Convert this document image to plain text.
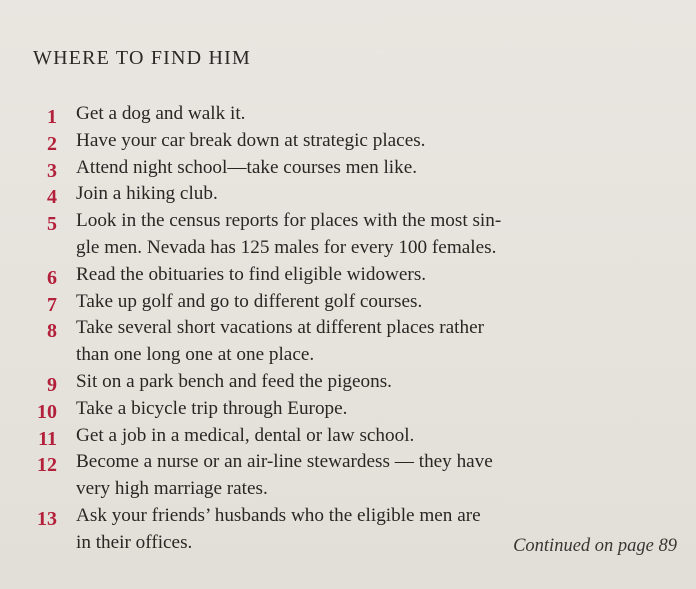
WHERE TO FIND HIM
1 Get a dog and walk it.
2 Have your car break down at strategic places.
3 Attend night school—take courses men like.
4 Join a hiking club.
5 Look in the census reports for places with the most sin-
gle men. Nevada has 125 males for every 100 females.
6 Read the obituaries to find eligible widowers.
7 Take up golf and go to different golf courses.
8 Take several short vacations at different places rather
than one long one at one place.
9 Sit on a park bench and feed the pigeons.
10 Take a bicycle trip through Europe.
11 Get a job in a medical, dental or law school.
12 Become a nurse or an air-line stewardess — they have
very high marriage rates.
13 Ask your friends’ husbands who the eligible men are
in their offices.	Continued on page 89
